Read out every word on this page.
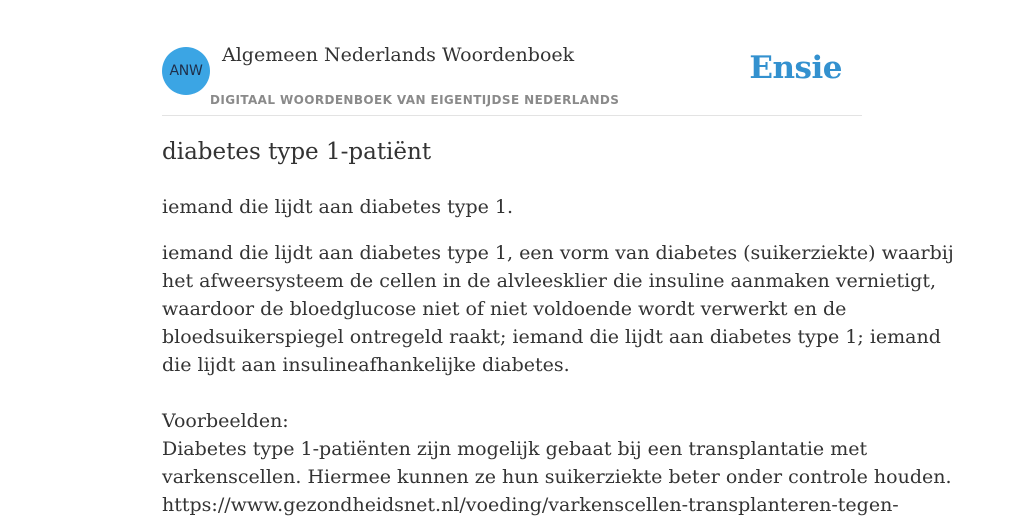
ANW
Algemeen Nederlands Woordenboek
DIGITAAL WOORDENBOEK VAN EIGENTIJDSE NEDERLANDS
Ensie
diabetes type 1-patiënt

iemand die lijdt aan diabetes type 1.

iemand die lijdt aan diabetes type 1, een vorm van diabetes (suikerziekte) waarbij
het afweersysteem de cellen in de alvleesklier die insuline aanmaken vernietigt,
waardoor de bloedglucose niet of niet voldoende wordt verwerkt en de
bloedsuikerspiegel ontregeld raakt; iemand die lijdt aan diabetes type 1; iemand
die lijdt aan insulineafhankelijke diabetes.
Voorbeelden:
Diabetes type 1-patiënten zijn mogelijk gebaat bij een transplantatie met
varkenscellen. Hiermee kunnen ze hun suikerziekte beter onder controle houden.
https://www.gezondheidsnet.nl/voeding/varkenscellen-transplanteren-tegen-
